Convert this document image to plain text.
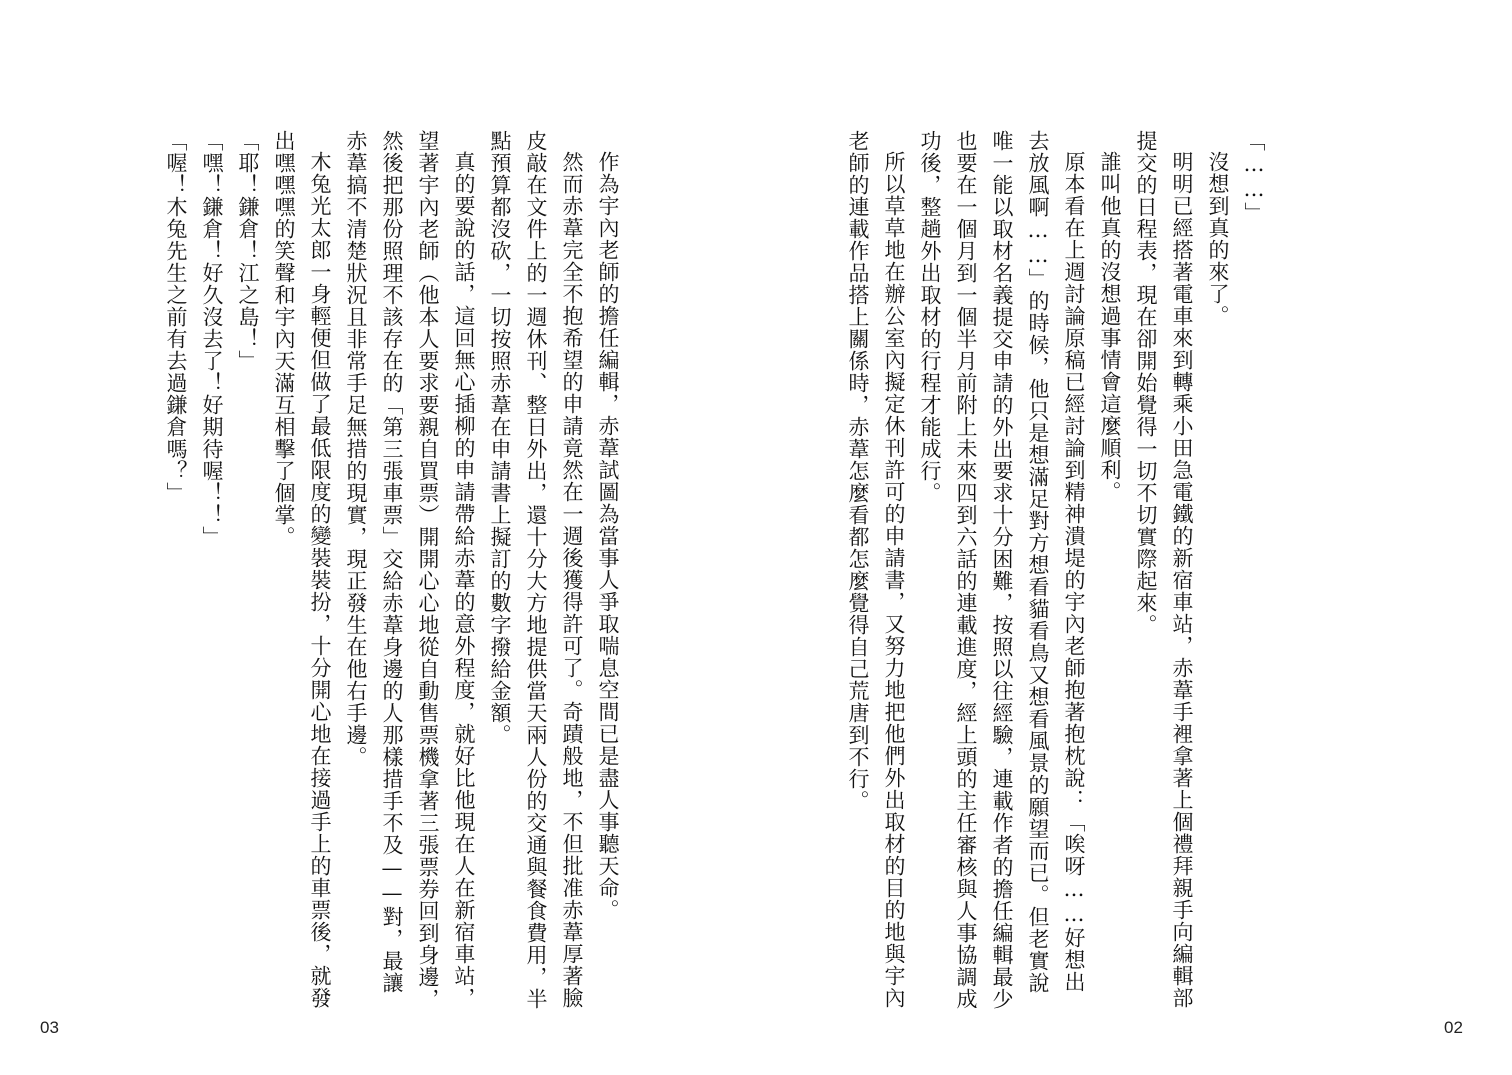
作為宇內老師的擔任編輯，赤葦試圖為當事人爭取喘息空間已是盡人事聽天命。

然而赤葦完全不抱希望的申請竟然在一週後獲得許可了。奇蹟般地，不但批准赤葦厚著臉皮敲在文件上的一週休刊、整日外出，還十分大方地提供當天兩人份的交通與餐食費用，半點預算都沒砍，一切按照赤葦在申請書上擬訂的數字撥給金額。

真的要說的話，這回無心插柳的申請帶給赤葦的意外程度，就好比他現在人在新宿車站，望著宇內老師（他本人要求要親自買票）開開心心地從自動售票機拿著三張票券回到身邊，然後把那份照理不該存在的「第三張車票」交給赤葦身邊的人那樣措手不及——對，最讓赤葦搞不清楚狀況且非常手足無措的現實，現正發生在他右手邊。

木兔光太郎一身輕便但做了最低限度的變裝裝扮，十分開心地在接過手上的車票後，就發出嘿嘿嘿的笑聲和宇內天滿互相擊了個掌。

「耶！鎌倉！江之島！」

「嘿！鎌倉！好久沒去了！好期待喔！！」

「喔！木兔先生之前有去過鎌倉嗎？」

03

「……」

沒想到真的來了。

明明已經搭著電車來到轉乘小田急電鐵的新宿車站，赤葦手裡拿著上個禮拜親手向編輯部提交的日程表，現在卻開始覺得一切不切實際起來。

誰叫他真的沒想過事情會這麼順利。

原本看在上週討論原稿已經討論到精神潰堤的宇內老師抱著抱枕說：「唉呀……好想出去放風啊……」的時候，他只是想滿足對方想看貓看鳥又想看風景的願望而已。但老實說唯一能以取材名義提交申請的外出要求十分困難，按照以往經驗，連載作者的擔任編輯最少也要在一個月到一個半月前附上未來四到六話的連載進度，經上頭的主任審核與人事協調成功後，整趟外出取材的行程才能成行。

所以草草地在辦公室內擬定休刊許可的申請書，又努力地把他們外出取材的目的地與宇內老師的連載作品搭上關係時，赤葦怎麼看都怎麼覺得自己荒唐到不行。

02
